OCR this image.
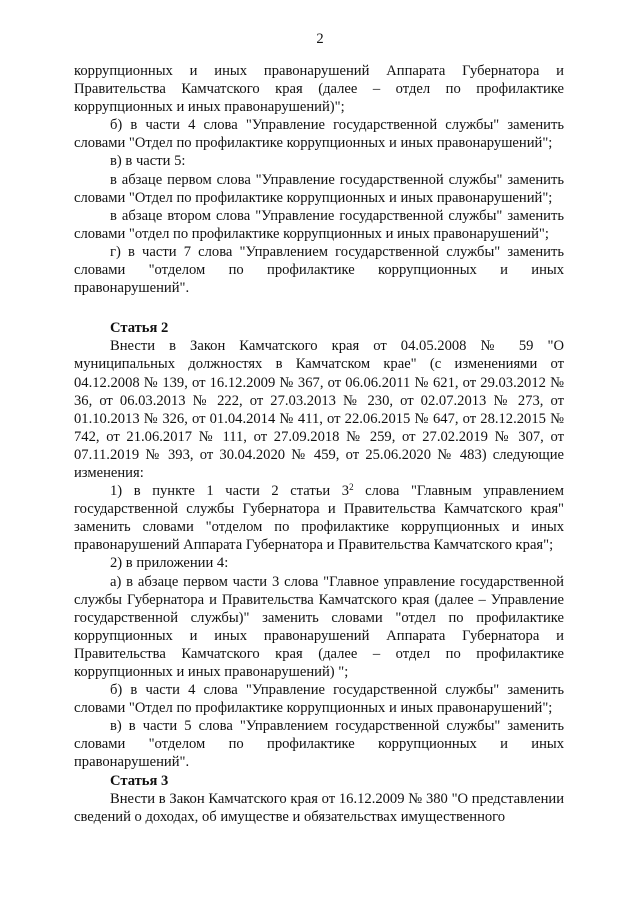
2

коррупционных и иных правонарушений Аппарата Губернатора и Правительства Камчатского края (далее – отдел по профилактике коррупционных и иных правонарушений)";

б) в части 4 слова "Управление государственной службы" заменить словами "Отдел по профилактике коррупционных и иных правонарушений";

в) в части 5:

в абзаце первом слова "Управление государственной службы" заменить словами "Отдел по профилактике коррупционных и иных правонарушений";

в абзаце втором слова "Управление государственной службы" заменить словами "отдел по профилактике коррупционных и иных правонарушений";

г) в части 7 слова "Управлением государственной службы" заменить словами "отделом по профилактике коррупционных и иных правонарушений".

Статья 2

Внести в Закон Камчатского края от 04.05.2008 № 59 "О муниципальных должностях в Камчатском крае" (с изменениями от 04.12.2008 № 139, от 16.12.2009 № 367, от 06.06.2011 № 621, от 29.03.2012 № 36, от 06.03.2013 № 222, от 27.03.2013 № 230, от 02.07.2013 № 273, от 01.10.2013 № 326, от 01.04.2014 № 411, от 22.06.2015 № 647, от 28.12.2015 № 742, от 21.06.2017 № 111, от 27.09.2018 № 259, от 27.02.2019 № 307, от 07.11.2019 № 393, от 30.04.2020 № 459, от 25.06.2020 № 483) следующие изменения:

1) в пункте 1 части 2 статьи $3^2$ слова "Главным управлением государственной службы Губернатора и Правительства Камчатского края" заменить словами "отделом по профилактике коррупционных и иных правонарушений Аппарата Губернатора и Правительства Камчатского края";

2) в приложении 4:

а) в абзаце первом части 3 слова "Главное управление государственной службы Губернатора и Правительства Камчатского края (далее – Управление государственной службы)" заменить словами "отдел по профилактике коррупционных и иных правонарушений Аппарата Губернатора и Правительства Камчатского края (далее – отдел по профилактике коррупционных и иных правонарушений) ";

б) в части 4 слова "Управление государственной службы" заменить словами "Отдел по профилактике коррупционных и иных правонарушений";

в) в части 5 слова "Управлением государственной службы" заменить словами "отделом по профилактике коррупционных и иных правонарушений".

Статья 3

Внести в Закон Камчатского края от 16.12.2009 № 380 "О представлении сведений о доходах, об имуществе и обязательствах имущественного
